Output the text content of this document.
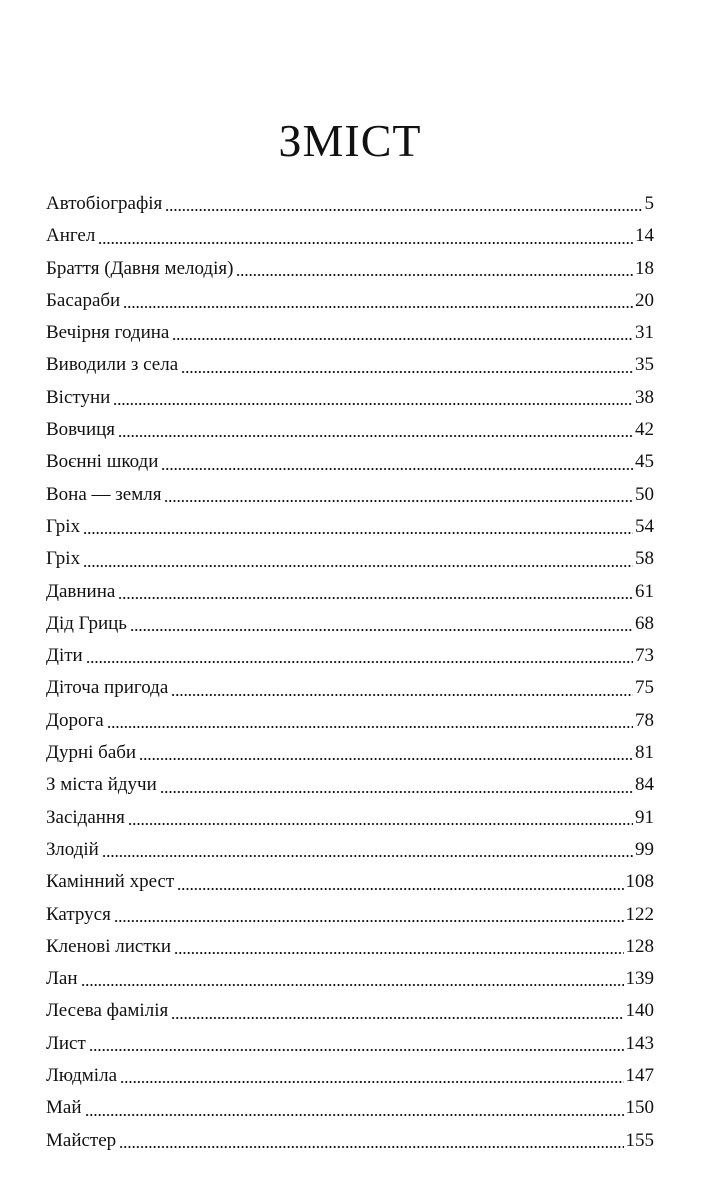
ЗМІСТ
Автобіографія	5
Ангел	14
Браття (Давня мелодія)	18
Басараби	20
Вечірня година	31
Виводили з села	35
Вістуни	38
Вовчиця	42
Воєнні шкоди	45
Вона — земля	50
Гріх	54
Гріх	58
Давнина	61
Дід Гриць	68
Діти	73
Діточа пригода	75
Дорога	78
Дурні баби	81
З міста йдучи	84
Засідання	91
Злодій	99
Камінний хрест	108
Катруся	122
Кленові листки	128
Лан	139
Лесева фамілія	140
Лист	143
Людміла	147
Май	150
Майстер	155
